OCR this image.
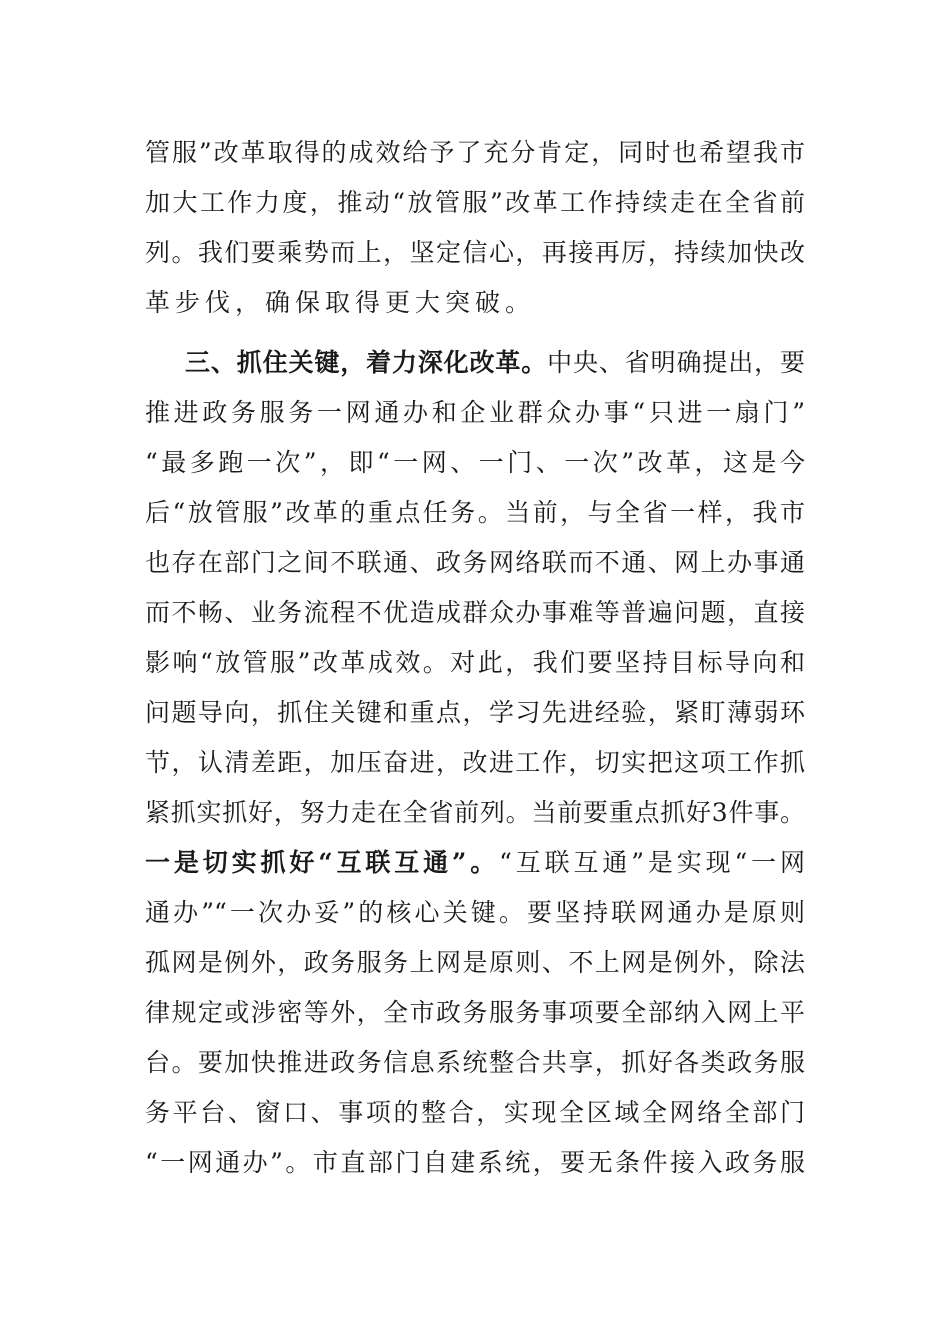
管服”改革取得的成效给予了充分肯定，同时也希望我市
加大工作力度，推动“放管服”改革工作持续走在全省前
列。我们要乘势而上，坚定信心，再接再厉，持续加快改
革步伐，确保取得更大突破。
三、抓住关键，着力深化改革。中央、省明确提出，要
推进政务服务一网通办和企业群众办事“只进一扇门”
“最多跑一次”，即“一网、一门、一次”改革，这是今
后“放管服”改革的重点任务。当前，与全省一样，我市
也存在部门之间不联通、政务网络联而不通、网上办事通
而不畅、业务流程不优造成群众办事难等普遍问题，直接
影响“放管服”改革成效。对此，我们要坚持目标导向和
问题导向，抓住关键和重点，学习先进经验，紧盯薄弱环
节，认清差距，加压奋进，改进工作，切实把这项工作抓
紧抓实抓好，努力走在全省前列。当前要重点抓好3件事。
一是切实抓好“互联互通”。“互联互通”是实现“一网
通办”“一次办妥”的核心关键。要坚持联网通办是原则
孤网是例外，政务服务上网是原则、不上网是例外，除法
律规定或涉密等外，全市政务服务事项要全部纳入网上平
台。要加快推进政务信息系统整合共享，抓好各类政务服
务平台、窗口、事项的整合，实现全区域全网络全部门
“一网通办”。市直部门自建系统，要无条件接入政务服
